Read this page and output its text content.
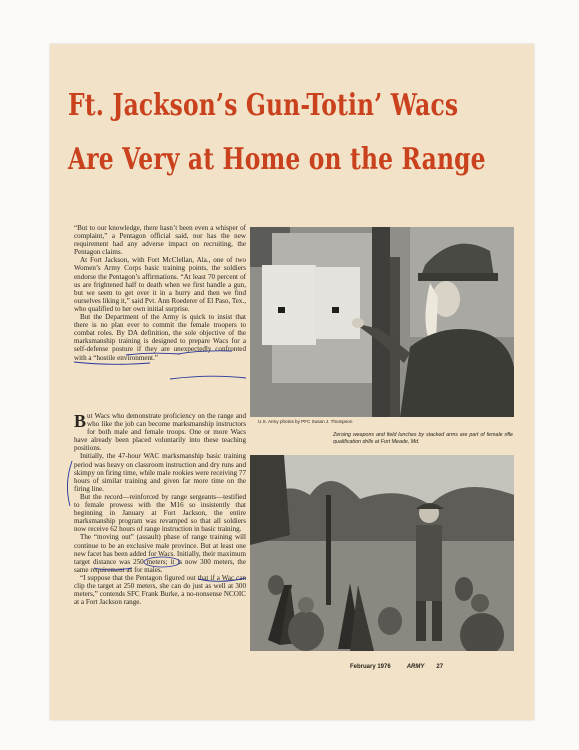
Ft. Jackson’s Gun-Totin’ Wacs
Are Very at Home on the Range

“But to our knowledge, there hasn’t been even a whisper of complaint,” a Pentagon official said, nor has the new requirement had any adverse impact on recruiting, the Pentagon claims.

At Fort Jackson, with Fort McClellan, Ala., one of two Women’s Army Corps basic training points, the soldiers endorse the Pentagon’s affirmations. “At least 70 percent of us are frightened half to death when we first handle a gun, but we seem to get over it in a hurry and then we find ourselves liking it,” said Pvt. Ann Roederer of El Paso, Tex., who qualified to her own initial surprise.

But the Department of the Army is quick to insist that there is no plan ever to commit the female troopers to combat roles. By DA definition, the sole objective of the marksmanship training is designed to prepare Wacs for a self-defense posture if they are unexpectedly confronted with a “hostile environment.”

But Wacs who demonstrate proficiency on the range and who like the job can become marksmanship instructors for both male and female troops. One or more Wacs have already been placed voluntarily into these teaching positions.

Initially, the 47-hour WAC marksmanship basic training period was heavy on classroom instruction and dry runs and skimpy on firing time, while male rookies were receiving 77 hours of similar training and given far more time on the firing line.

But the record—reinforced by range sergeants—testified to female prowess with the M16 so insistently that beginning in January at Fort Jackson, the entire marksmanship program was revamped so that all soldiers now receive 62 hours of range instruction in basic training.

The “moving out” (assault) phase of range training will continue to be an exclusive male province. But at least one new facet has been added for Wacs. Initially, their maximum target distance was 250 meters; it is now 300 meters, the same requirement as for males.

“I suppose that the Pentagon figured out that if a Wac can clip the target at 250 meters, she can do just as well at 300 meters,” contends SFC Frank Burke, a no-nonsense NCOIC at a Fort Jackson range.

U.S. Army photos by PFC Susan J. Thompson
Zeroing weapons and field lunches by stacked arms are part of female rifle qualification drills at Fort Meade, Md.
February 1976	ARMY 27
